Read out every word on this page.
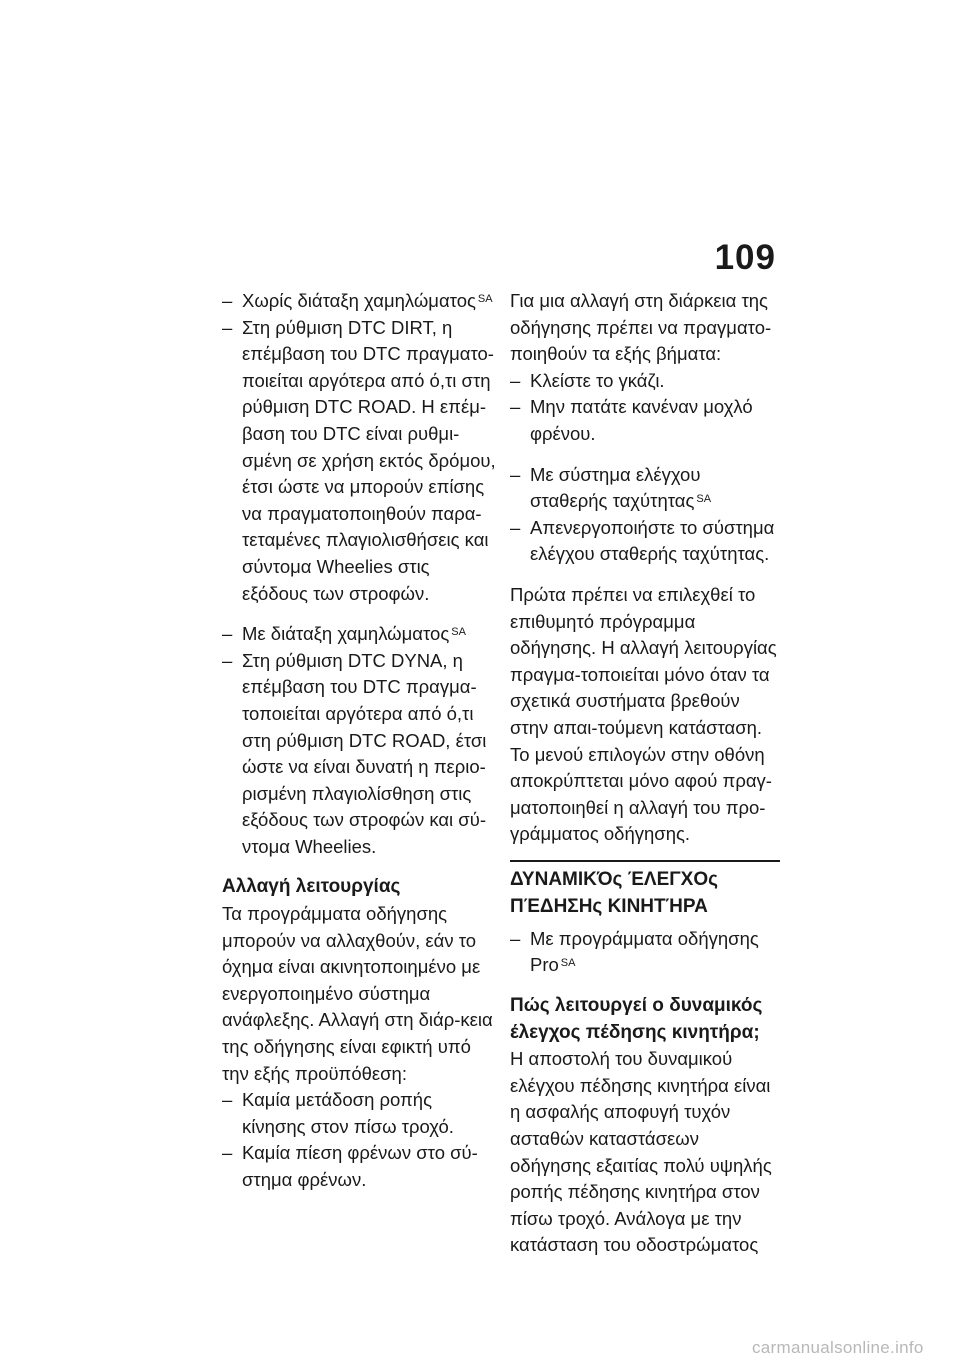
109
– Χωρίς διάταξη χαμηλώματος $^{SA}$
– Στη ρύθμιση DTC DIRT, η επέμβαση του DTC πραγματο-ποιείται αργότερα από ό,τι στη ρύθμιση DTC ROAD. Η επέμ-βαση του DTC είναι ρυθμι-σμένη σε χρήση εκτός δρόμου, έτσι ώστε να μπορούν επίσης να πραγματοποιηθούν παρα-τεταμένες πλαγιολισθήσεις και σύντομα Wheelies στις εξόδους των στροφών.
– Με διάταξη χαμηλώματος $^{SA}$
– Στη ρύθμιση DTC DYNA, η επέμβαση του DTC πραγμα-τοποιείται αργότερα από ό,τι στη ρύθμιση DTC ROAD, έτσι ώστε να είναι δυνατή η περιο-ρισμένη πλαγιολίσθηση στις εξόδους των στροφών και σύ-ντομα Wheelies.
Αλλαγή λειτουργίας
Τα προγράμματα οδήγησης μπορούν να αλλαχθούν, εάν το όχημα είναι ακινητοποιημένο με ενεργοποιημένο σύστημα ανάφλεξης. Αλλαγή στη διάρ-κεια της οδήγησης είναι εφικτή υπό την εξής προϋπόθεση:
– Καμία μετάδοση ροπής κίνησης στον πίσω τροχό.
– Καμία πίεση φρένων στο σύ-στημα φρένων.
Για μια αλλαγή στη διάρκεια της οδήγησης πρέπει να πραγματο-ποιηθούν τα εξής βήματα:
– Κλείστε το γκάζι.
– Μην πατάτε κανέναν μοχλό φρένου.
– Με σύστημα ελέγχου σταθερής ταχύτητας $^{SA}$
– Απενεργοποιήστε το σύστημα ελέγχου σταθερής ταχύτητας.
Πρώτα πρέπει να επιλεχθεί το επιθυμητό πρόγραμμα οδήγησης. Η αλλαγή λειτουργίας πραγμα-τοποιείται μόνο όταν τα σχετικά συστήματα βρεθούν στην απαι-τούμενη κατάσταση.
Το μενού επιλογών στην οθόνη αποκρύπτεται μόνο αφού πραγ-ματοποιηθεί η αλλαγή του προ-γράμματος οδήγησης.
ΔΥΝΑΜΙΚΌς ΈΛΕΓΧΟς ΠΈΔΗΣΗς ΚΙΝΗΤΉΡΑ
– Με προγράμματα οδήγησης Pro $^{SA}$
Πώς λειτουργεί ο δυναμικός έλεγχος πέδησης κινητήρα;
Η αποστολή του δυναμικού ελέγχου πέδησης κινητήρα είναι η ασφαλής αποφυγή τυχόν ασταθών καταστάσεων οδήγησης εξαιτίας πολύ υψηλής ροπής πέδησης κινητήρα στον πίσω τροχό. Ανάλογα με την κατάσταση του οδοστρώματος
carmanualsonline.info
